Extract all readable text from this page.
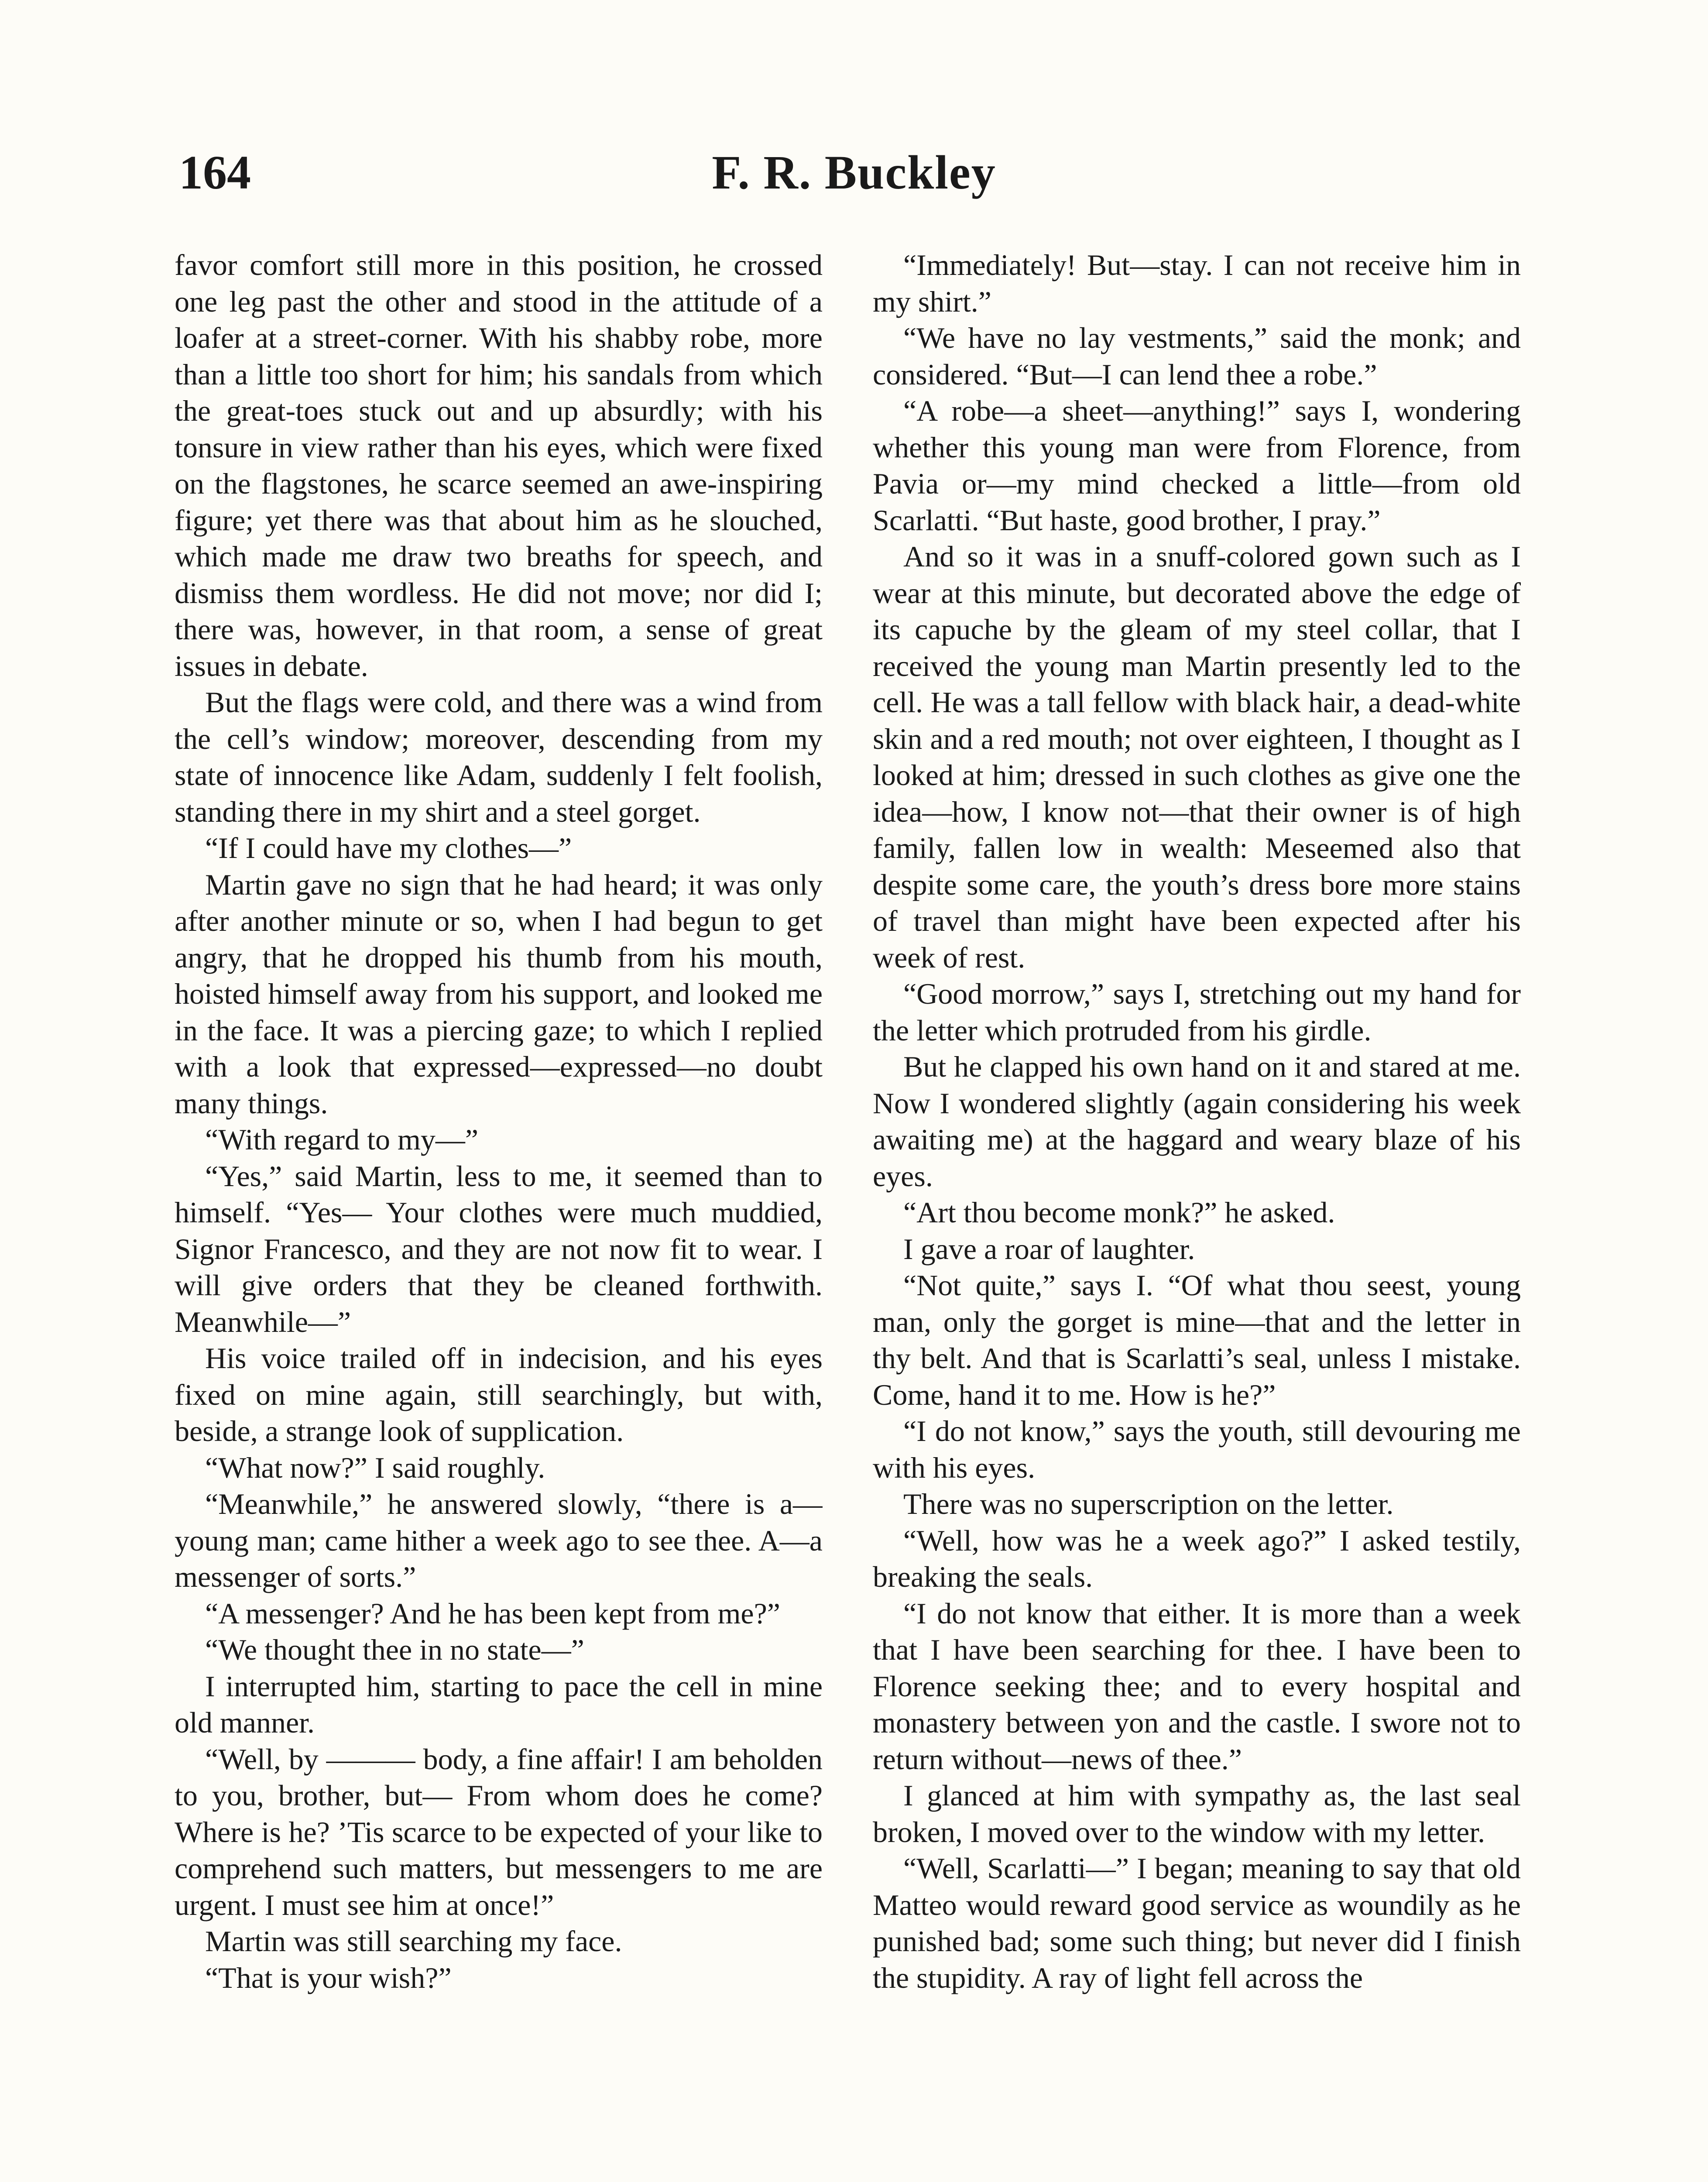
164	F. R. Buckley

favor comfort still more in this position, he crossed one leg past the other and stood in the attitude of a loafer at a street-corner. With his shabby robe, more than a little too short for him; his sandals from which the great-toes stuck out and up absurdly; with his tonsure in view rather than his eyes, which were fixed on the flagstones, he scarce seemed an awe-inspiring figure; yet there was that about him as he slouched, which made me draw two breaths for speech, and dismiss them wordless. He did not move; nor did I; there was, however, in that room, a sense of great issues in debate.

But the flags were cold, and there was a wind from the cell’s window; moreover, descending from my state of innocence like Adam, suddenly I felt foolish, standing there in my shirt and a steel gorget.

“If I could have my clothes—”

Martin gave no sign that he had heard; it was only after another minute or so, when I had begun to get angry, that he dropped his thumb from his mouth, hoisted himself away from his support, and looked me in the face. It was a piercing gaze; to which I replied with a look that expressed—expressed—no doubt many things.

“With regard to my—”

“Yes,” said Martin, less to me, it seemed than to himself. “Yes— Your clothes were much muddied, Signor Francesco, and they are not now fit to wear. I will give orders that they be cleaned forthwith. Meanwhile—”

His voice trailed off in indecision, and his eyes fixed on mine again, still searchingly, but with, beside, a strange look of supplication.

“What now?” I said roughly.

“Meanwhile,” he answered slowly, “there is a—young man; came hither a week ago to see thee. A—a messenger of sorts.”

“A messenger? And he has been kept from me?”

“We thought thee in no state—”

I interrupted him, starting to pace the cell in mine old manner.

“Well, by ——— body, a fine affair! I am beholden to you, brother, but— From whom does he come? Where is he? ’Tis scarce to be expected of your like to comprehend such matters, but messengers to me are urgent. I must see him at once!”

Martin was still searching my face.

“That is your wish?”

“Immediately! But—stay. I can not receive him in my shirt.”

“We have no lay vestments,” said the monk; and considered. “But—I can lend thee a robe.”

“A robe—a sheet—anything!” says I, wondering whether this young man were from Florence, from Pavia or—my mind checked a little—from old Scarlatti. “But haste, good brother, I pray.”

And so it was in a snuff-colored gown such as I wear at this minute, but decorated above the edge of its capuche by the gleam of my steel collar, that I received the young man Martin presently led to the cell. He was a tall fellow with black hair, a dead-white skin and a red mouth; not over eighteen, I thought as I looked at him; dressed in such clothes as give one the idea—how, I know not—that their owner is of high family, fallen low in wealth: Meseemed also that despite some care, the youth’s dress bore more stains of travel than might have been expected after his week of rest.

“Good morrow,” says I, stretching out my hand for the letter which protruded from his girdle.

But he clapped his own hand on it and stared at me. Now I wondered slightly (again considering his week awaiting me) at the haggard and weary blaze of his eyes.

“Art thou become monk?” he asked.

I gave a roar of laughter.

“Not quite,” says I. “Of what thou seest, young man, only the gorget is mine—that and the letter in thy belt. And that is Scarlatti’s seal, unless I mistake. Come, hand it to me. How is he?”

“I do not know,” says the youth, still devouring me with his eyes.

There was no superscription on the letter.

“Well, how was he a week ago?” I asked testily, breaking the seals.

“I do not know that either. It is more than a week that I have been searching for thee. I have been to Florence seeking thee; and to every hospital and monastery between yon and the castle. I swore not to return without—news of thee.”

I glanced at him with sympathy as, the last seal broken, I moved over to the window with my letter.

“Well, Scarlatti—” I began; meaning to say that old Matteo would reward good service as woundily as he punished bad; some such thing; but never did I finish the stupidity. A ray of light fell across the
